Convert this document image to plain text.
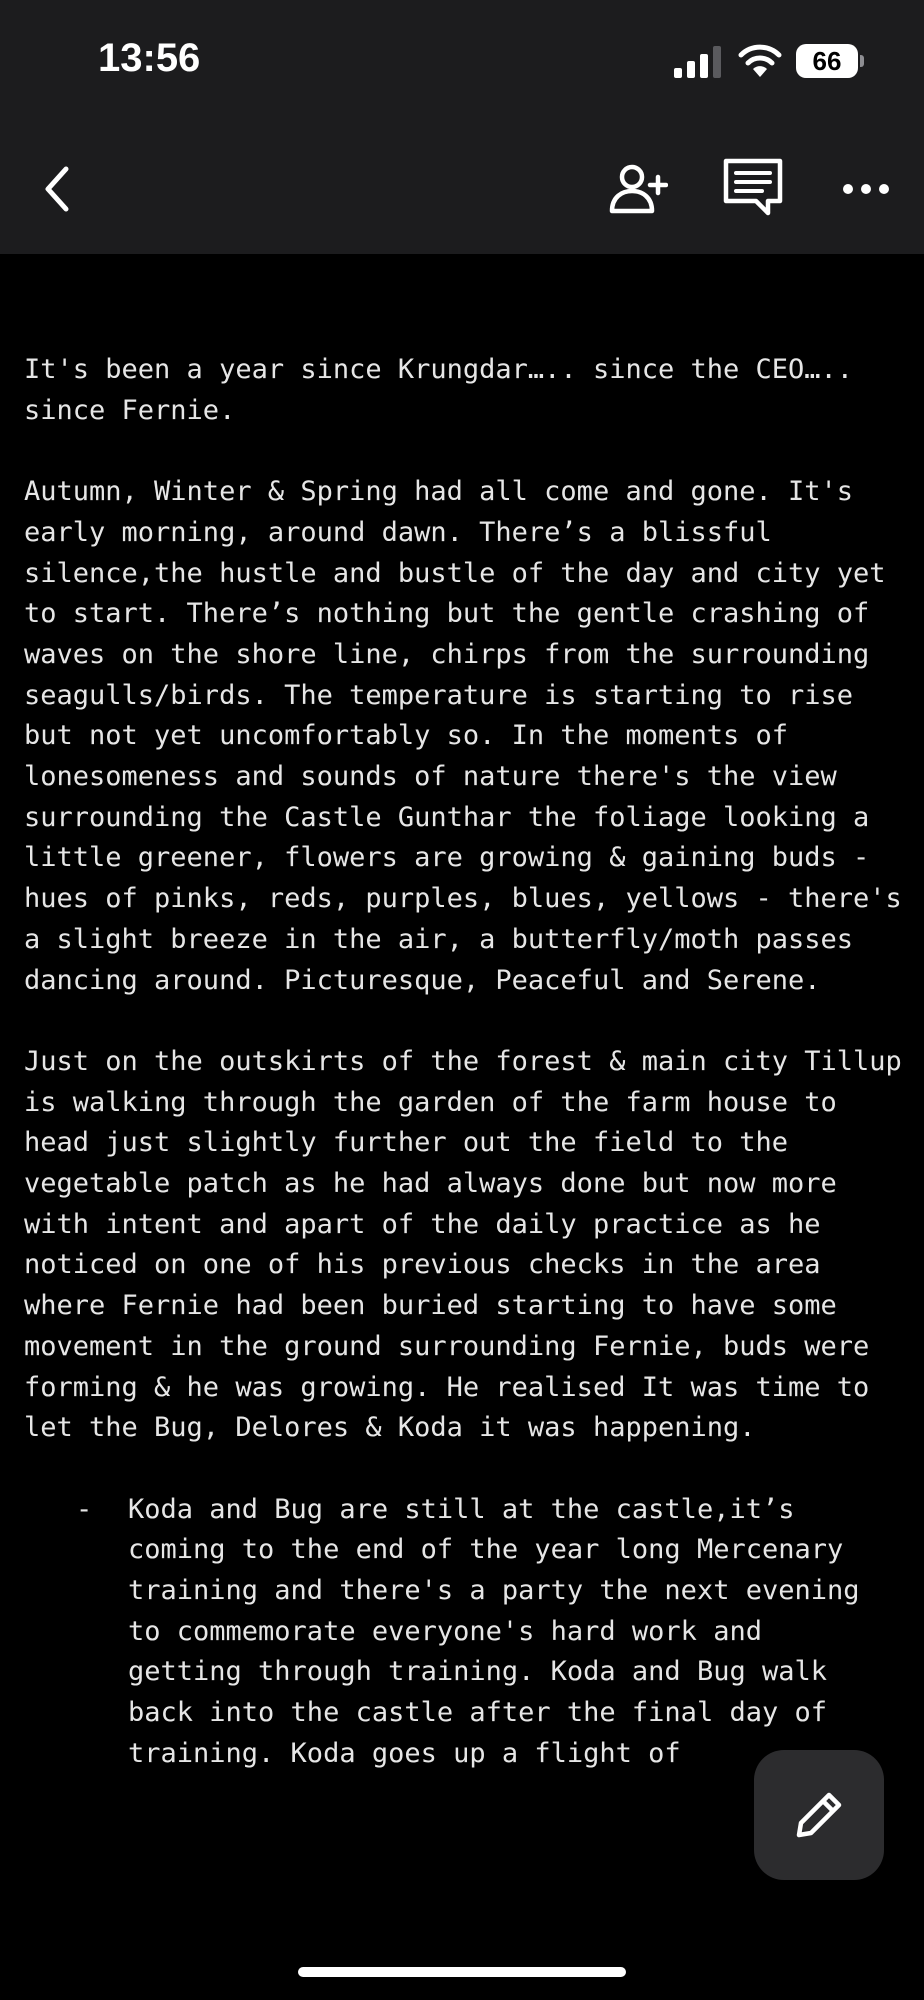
13:56	66

It's been a year since Krungdar….. since the CEO….. since Fernie.

Autumn, Winter & Spring had all come and gone. It's early morning, around dawn. There’s a blissful silence,the hustle and bustle of the day and city yet to start. There’s nothing but the gentle crashing of waves on the shore line, chirps from the surrounding seagulls/birds. The temperature is starting to rise but not yet uncomfortably so. In the moments of lonesomeness and sounds of nature there's the view surrounding the Castle Gunthar the foliage looking a little greener, flowers are growing & gaining buds - hues of pinks, reds, purples, blues, yellows - there's a slight breeze in the air, a butterfly/moth passes dancing around. Picturesque, Peaceful and Serene.

Just on the outskirts of the forest & main city Tillup is walking through the garden of the farm house to head just slightly further out the field to the vegetable patch as he had always done but now more with intent and apart of the daily practice as he noticed on one of his previous checks in the area where Fernie had been buried starting to have some movement in the ground surrounding Fernie, buds were forming & he was growing. He realised It was time to let the Bug, Delores & Koda it was happening.

-	Koda and Bug are still at the castle,it’s coming to the end of the year long Mercenary training and there's a party the next evening to commemorate everyone's hard work and getting through training. Koda and Bug walk back into the castle after the final day of training. Koda goes up a flight of
